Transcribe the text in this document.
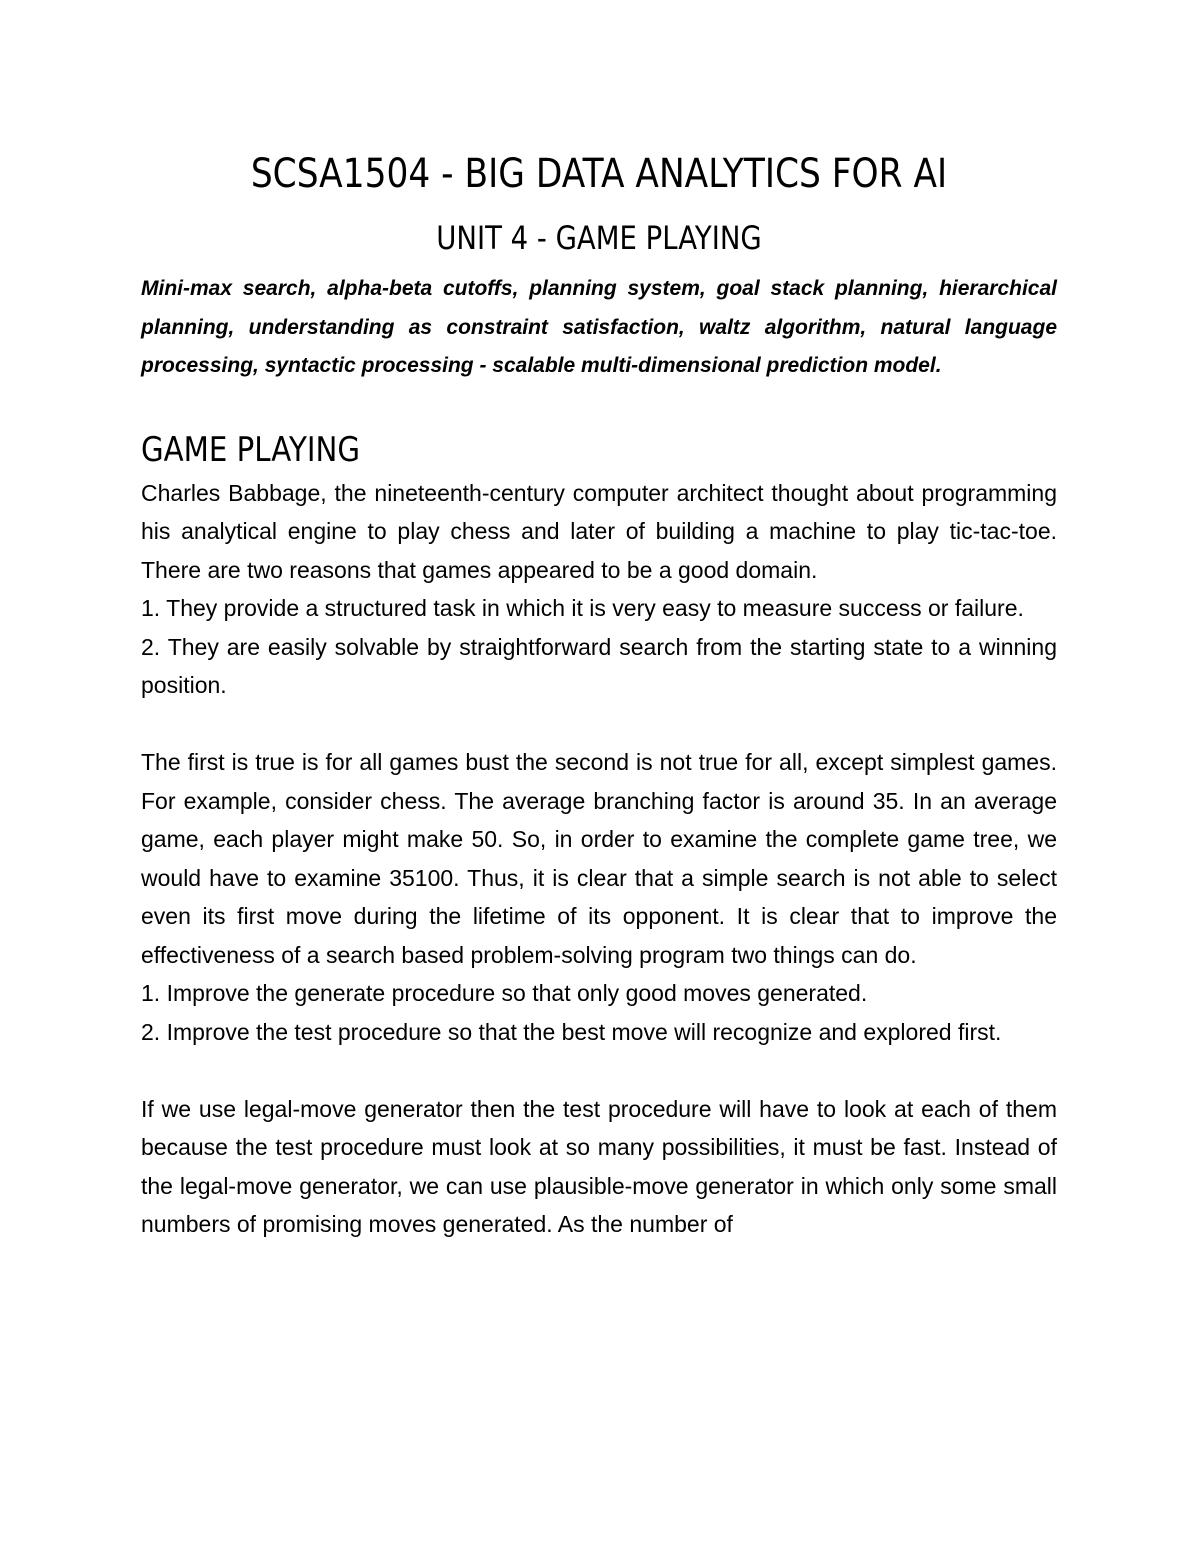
SCSA1504 - BIG DATA ANALYTICS FOR AI
UNIT 4 - GAME PLAYING

Mini-max search, alpha-beta cutoffs, planning system, goal stack planning, hierarchical planning, understanding as constraint satisfaction, waltz algorithm, natural language processing, syntactic processing - scalable multi-dimensional prediction model.

GAME PLAYING

Charles Babbage, the nineteenth-century computer architect thought about programming his analytical engine to play chess and later of building a machine to play tic-tac-toe. There are two reasons that games appeared to be a good domain.

1. They provide a structured task in which it is very easy to measure success or failure.

2. They are easily solvable by straightforward search from the starting state to a winning position.

The first is true is for all games bust the second is not true for all, except simplest games. For example, consider chess. The average branching factor is around 35. In an average game, each player might make 50. So, in order to examine the complete game tree, we would have to examine 35100. Thus, it is clear that a simple search is not able to select even its first move during the lifetime of its opponent. It is clear that to improve the effectiveness of a search based problem-solving program two things can do.

1. Improve the generate procedure so that only good moves generated.

2. Improve the test procedure so that the best move will recognize and explored first.

If we use legal-move generator then the test procedure will have to look at each of them because the test procedure must look at so many possibilities, it must be fast. Instead of the legal-move generator, we can use plausible-move generator in which only some small numbers of promising moves generated. As the number of
